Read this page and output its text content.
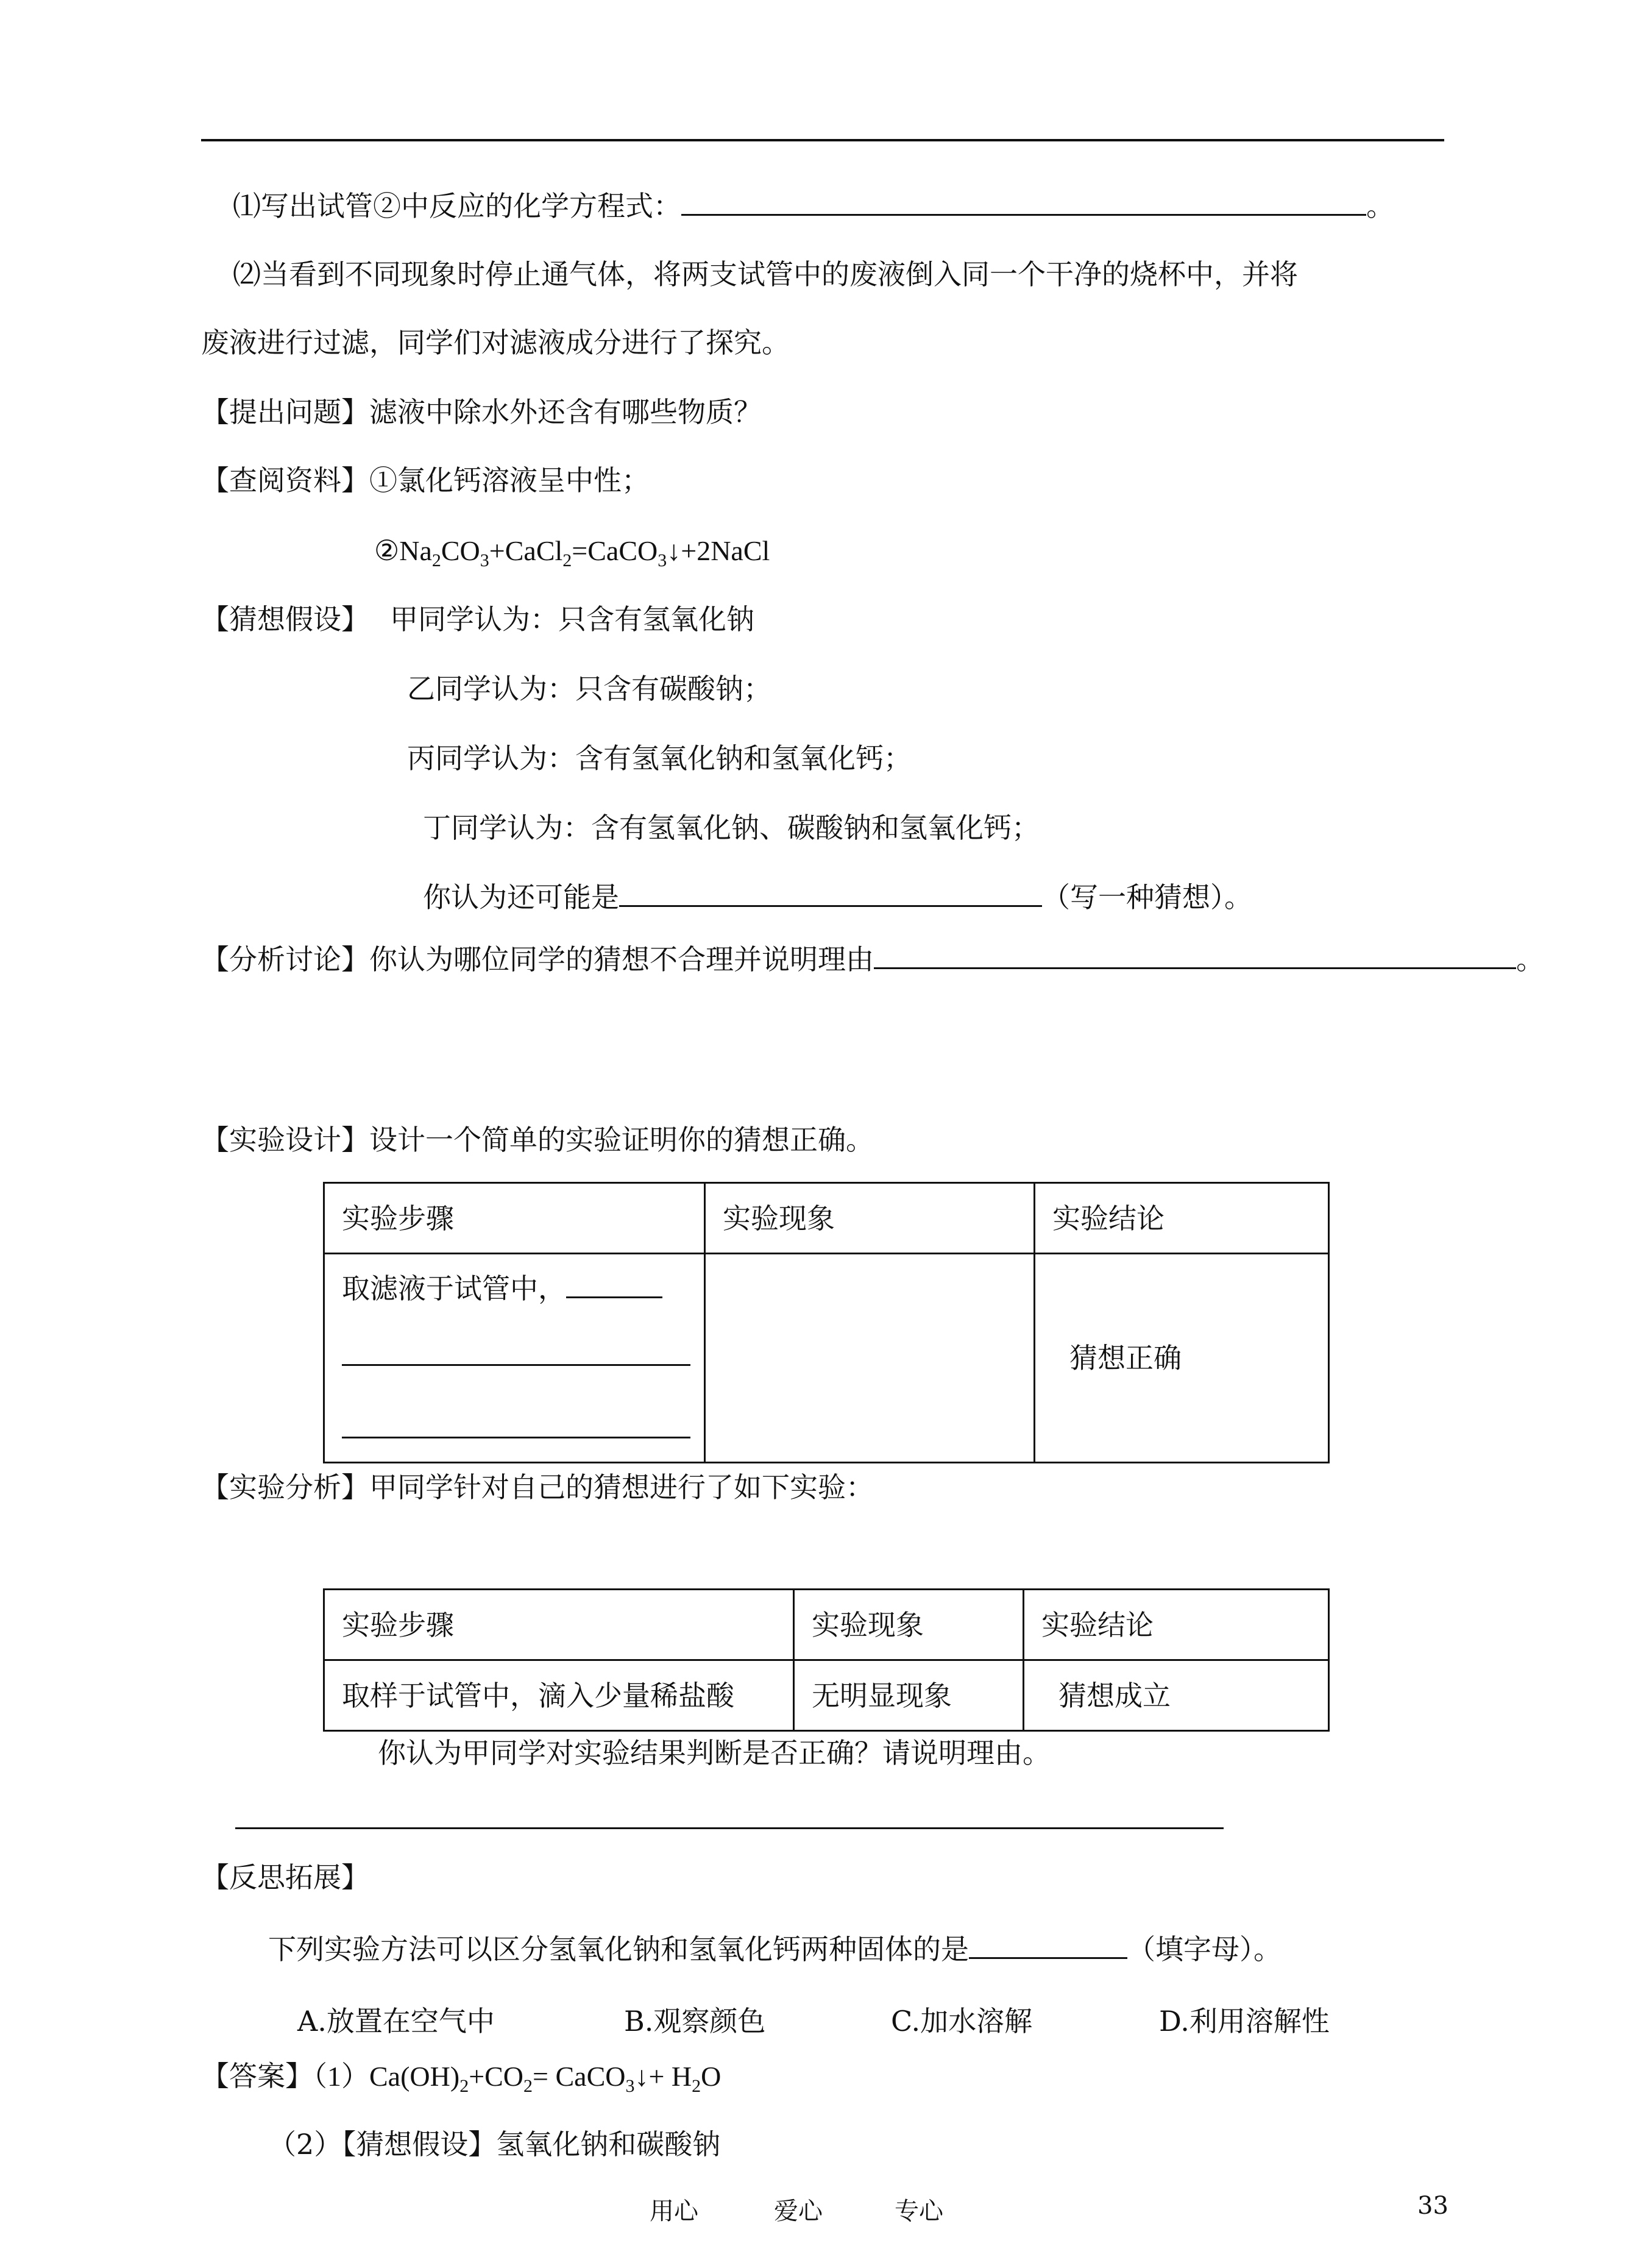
⑴写出试管②中反应的化学方程式：	。
⑵当看到不同现象时停止通气体，将两支试管中的废液倒入同一个干净的烧杯中，并将
废液进行过滤，同学们对滤液成分进行了探究。
【提出问题】滤液中除水外还含有哪些物质？
【查阅资料】①氯化钙溶液呈中性；
$②Na_2CO_3+CaCl_2=CaCO_3↓+2NaCl$
【猜想假设】 甲同学认为：只含有氢氧化钠
乙同学认为：只含有碳酸钠；
丙同学认为：含有氢氧化钠和氢氧化钙；
丁同学认为：含有氢氧化钠、碳酸钠和氢氧化钙；
你认为还可能是	（写一种猜想）。
【分析讨论】你认为哪位同学的猜想不合理并说明理由	。
【实验设计】设计一个简单的实验证明你的猜想正确。
实验步骤	实验现象	实验结论

取滤液于试管中，		猜想正确
【实验分析】甲同学针对自己的猜想进行了如下实验：
实验步骤	实验现象	实验结论
取样于试管中，滴入少量稀盐酸	无明显现象	猜想成立
你认为甲同学对实验结果判断是否正确？请说明理由。
【反思拓展】
下列实验方法可以区分氢氧化钠和氢氧化钙两种固体的是	（填字母）。
A.放置在空气中	B.观察颜色	C.加水溶解	D.利用溶解性
【答案】$(1)Ca(OH)_2+CO_2=$ CaCO$_3$↓+ $H_2O$
（2）【猜想假设】氢氧化钠和碳酸钠
用心	爱心	专心	33
